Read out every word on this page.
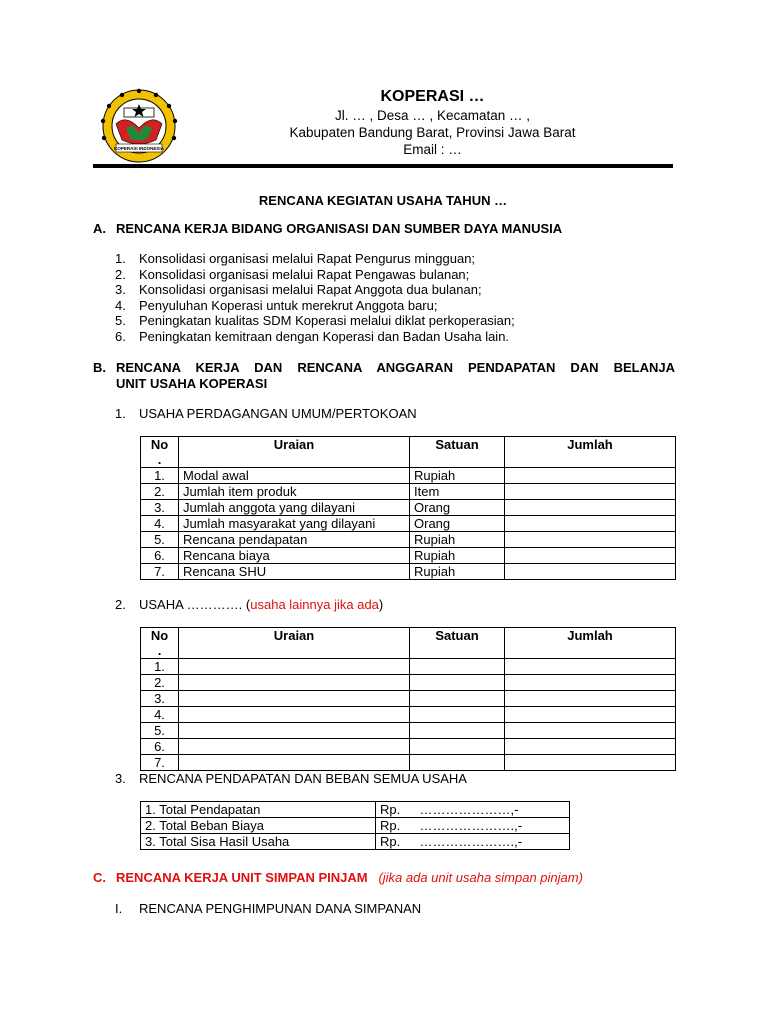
KOPERASI INDONESIA
KOPERASI …
Jl. … , Desa … , Kecamatan … ,
Kabupaten Bandung Barat, Provinsi Jawa Barat
Email : …
RENCANA KEGIATAN USAHA TAHUN …
A. RENCANA KERJA BIDANG ORGANISASI DAN SUMBER DAYA MANUSIA
1. Konsolidasi organisasi melalui Rapat Pengurus mingguan;
2. Konsolidasi organisasi melalui Rapat Pengawas bulanan;
3. Konsolidasi organisasi melalui Rapat Anggota dua bulanan;
4. Penyuluhan Koperasi untuk merekrut Anggota baru;
5. Peningkatan kualitas SDM Koperasi melalui diklat perkoperasian;
6. Peningkatan kemitraan dengan Koperasi dan Badan Usaha lain.
B. RENCANA KERJA DAN RENCANA ANGGARAN PENDAPATAN DAN BELANJA
UNIT USAHA KOPERASI
1. USAHA PERDAGANGAN UMUM/PERTOKOAN
No
.	Uraian	Satuan	Jumlah
1.	Modal awal	Rupiah	
2.	Jumlah item produk	Item	
3.	Jumlah anggota yang dilayani	Orang	
4.	Jumlah masyarakat yang dilayani	Orang	
5.	Rencana pendapatan	Rupiah	
6.	Rencana biaya	Rupiah	
7.	Rencana SHU	Rupiah	
2. USAHA …………. (usaha lainnya jika ada)
No
.	Uraian	Satuan	Jumlah
1.			
2.			
3.			
4.			
5.			
6.			
7.			
3. RENCANA PENDAPATAN DAN BEBAN SEMUA USAHA
1. Total Pendapatan	Rp.	…………………,-
2. Total Beban Biaya	Rp.	………………….,-
3. Total Sisa Hasil Usaha	Rp.	………………….,-
C. RENCANA KERJA UNIT SIMPAN PINJAM (jika ada unit usaha simpan pinjam)
I. RENCANA PENGHIMPUNAN DANA SIMPANAN
